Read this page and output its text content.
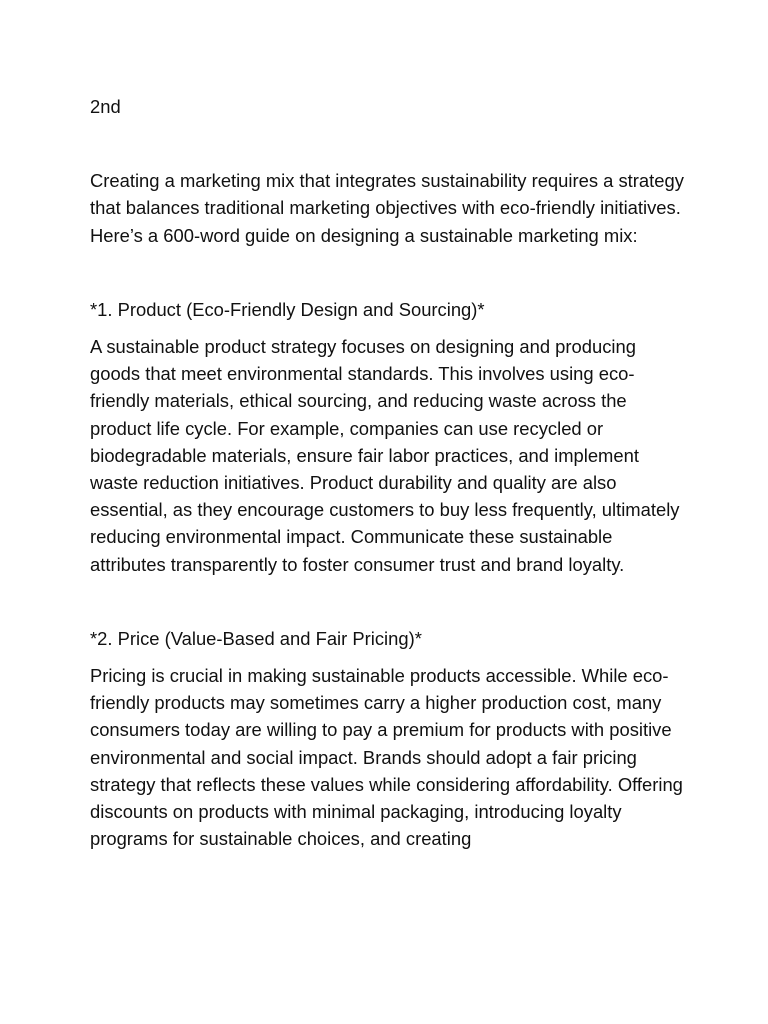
2nd

Creating a marketing mix that integrates sustainability requires a strategy that balances traditional marketing objectives with eco-friendly initiatives. Here’s a 600-word guide on designing a sustainable marketing mix:

*1. Product (Eco-Friendly Design and Sourcing)*

A sustainable product strategy focuses on designing and producing goods that meet environmental standards. This involves using eco-friendly materials, ethical sourcing, and reducing waste across the product life cycle. For example, companies can use recycled or biodegradable materials, ensure fair labor practices, and implement waste reduction initiatives. Product durability and quality are also essential, as they encourage customers to buy less frequently, ultimately reducing environmental impact. Communicate these sustainable attributes transparently to foster consumer trust and brand loyalty.

*2. Price (Value-Based and Fair Pricing)*

Pricing is crucial in making sustainable products accessible. While eco-friendly products may sometimes carry a higher production cost, many consumers today are willing to pay a premium for products with positive environmental and social impact. Brands should adopt a fair pricing strategy that reflects these values while considering affordability. Offering discounts on products with minimal packaging, introducing loyalty programs for sustainable choices, and creating
